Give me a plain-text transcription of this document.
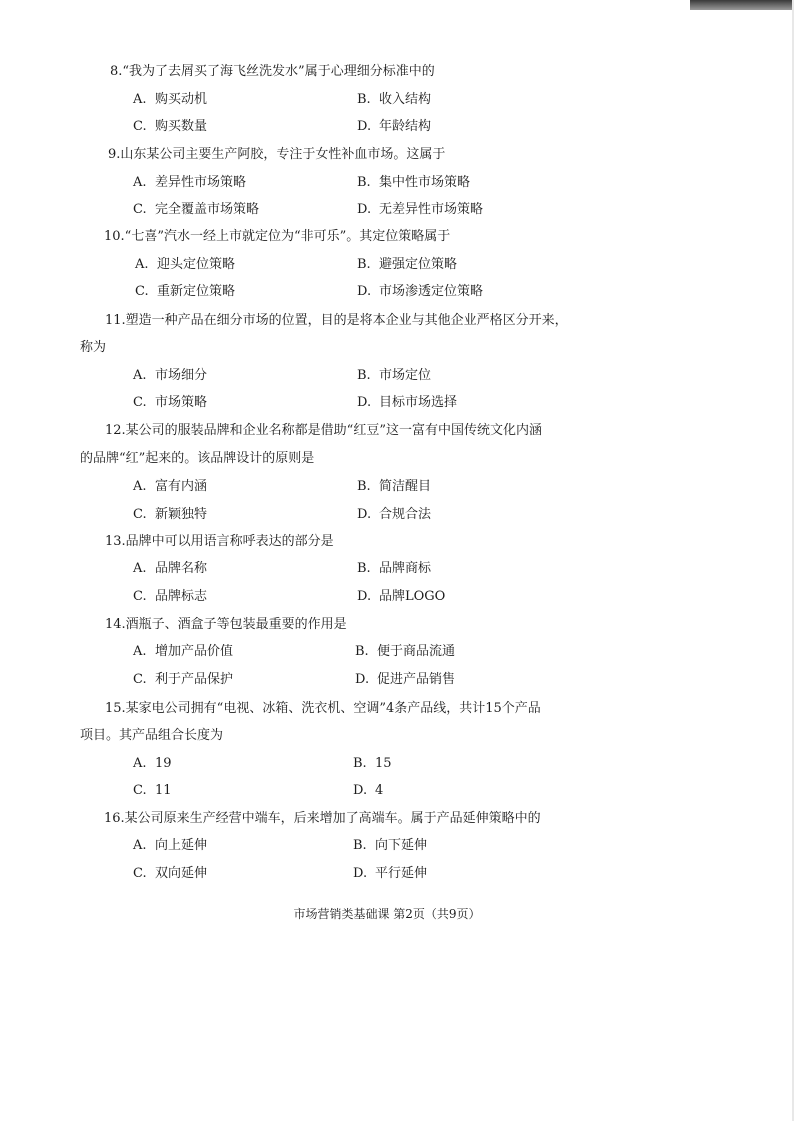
8.“我为了去屑买了海飞丝洗发水”属于心理细分标准中的
A. 购买动机	B. 收入结构
C. 购买数量	D. 年龄结构
9.山东某公司主要生产阿胶，专注于女性补血市场。这属于
A. 差异性市场策略	B. 集中性市场策略
C. 完全覆盖市场策略	D. 无差异性市场策略
10.“七喜”汽水一经上市就定位为“非可乐”。其定位策略属于
A. 迎头定位策略	B. 避强定位策略
C. 重新定位策略	D. 市场渗透定位策略
11.塑造一种产品在细分市场的位置，目的是将本企业与其他企业严格区分开来，
称为
A. 市场细分	B. 市场定位
C. 市场策略	D. 目标市场选择
12.某公司的服装品牌和企业名称都是借助“红豆”这一富有中国传统文化内涵
的品牌“红”起来的。该品牌设计的原则是
A. 富有内涵	B. 简洁醒目
C. 新颖独特	D. 合规合法
13.品牌中可以用语言称呼表达的部分是
A. 品牌名称	B. 品牌商标
C. 品牌标志	D. 品牌LOGO
14.酒瓶子、酒盒子等包装最重要的作用是
A. 增加产品价值	B. 便于商品流通
C. 利于产品保护	D. 促进产品销售
15.某家电公司拥有“电视、冰箱、洗衣机、空调”4条产品线，共计15个产品
项目。其产品组合长度为
A. 19	B. 15
C. 11	D. 4
16.某公司原来生产经营中端车，后来增加了高端车。属于产品延伸策略中的
A. 向上延伸	B. 向下延伸
C. 双向延伸	D. 平行延伸
市场营销类基础课 第2页（共9页）
